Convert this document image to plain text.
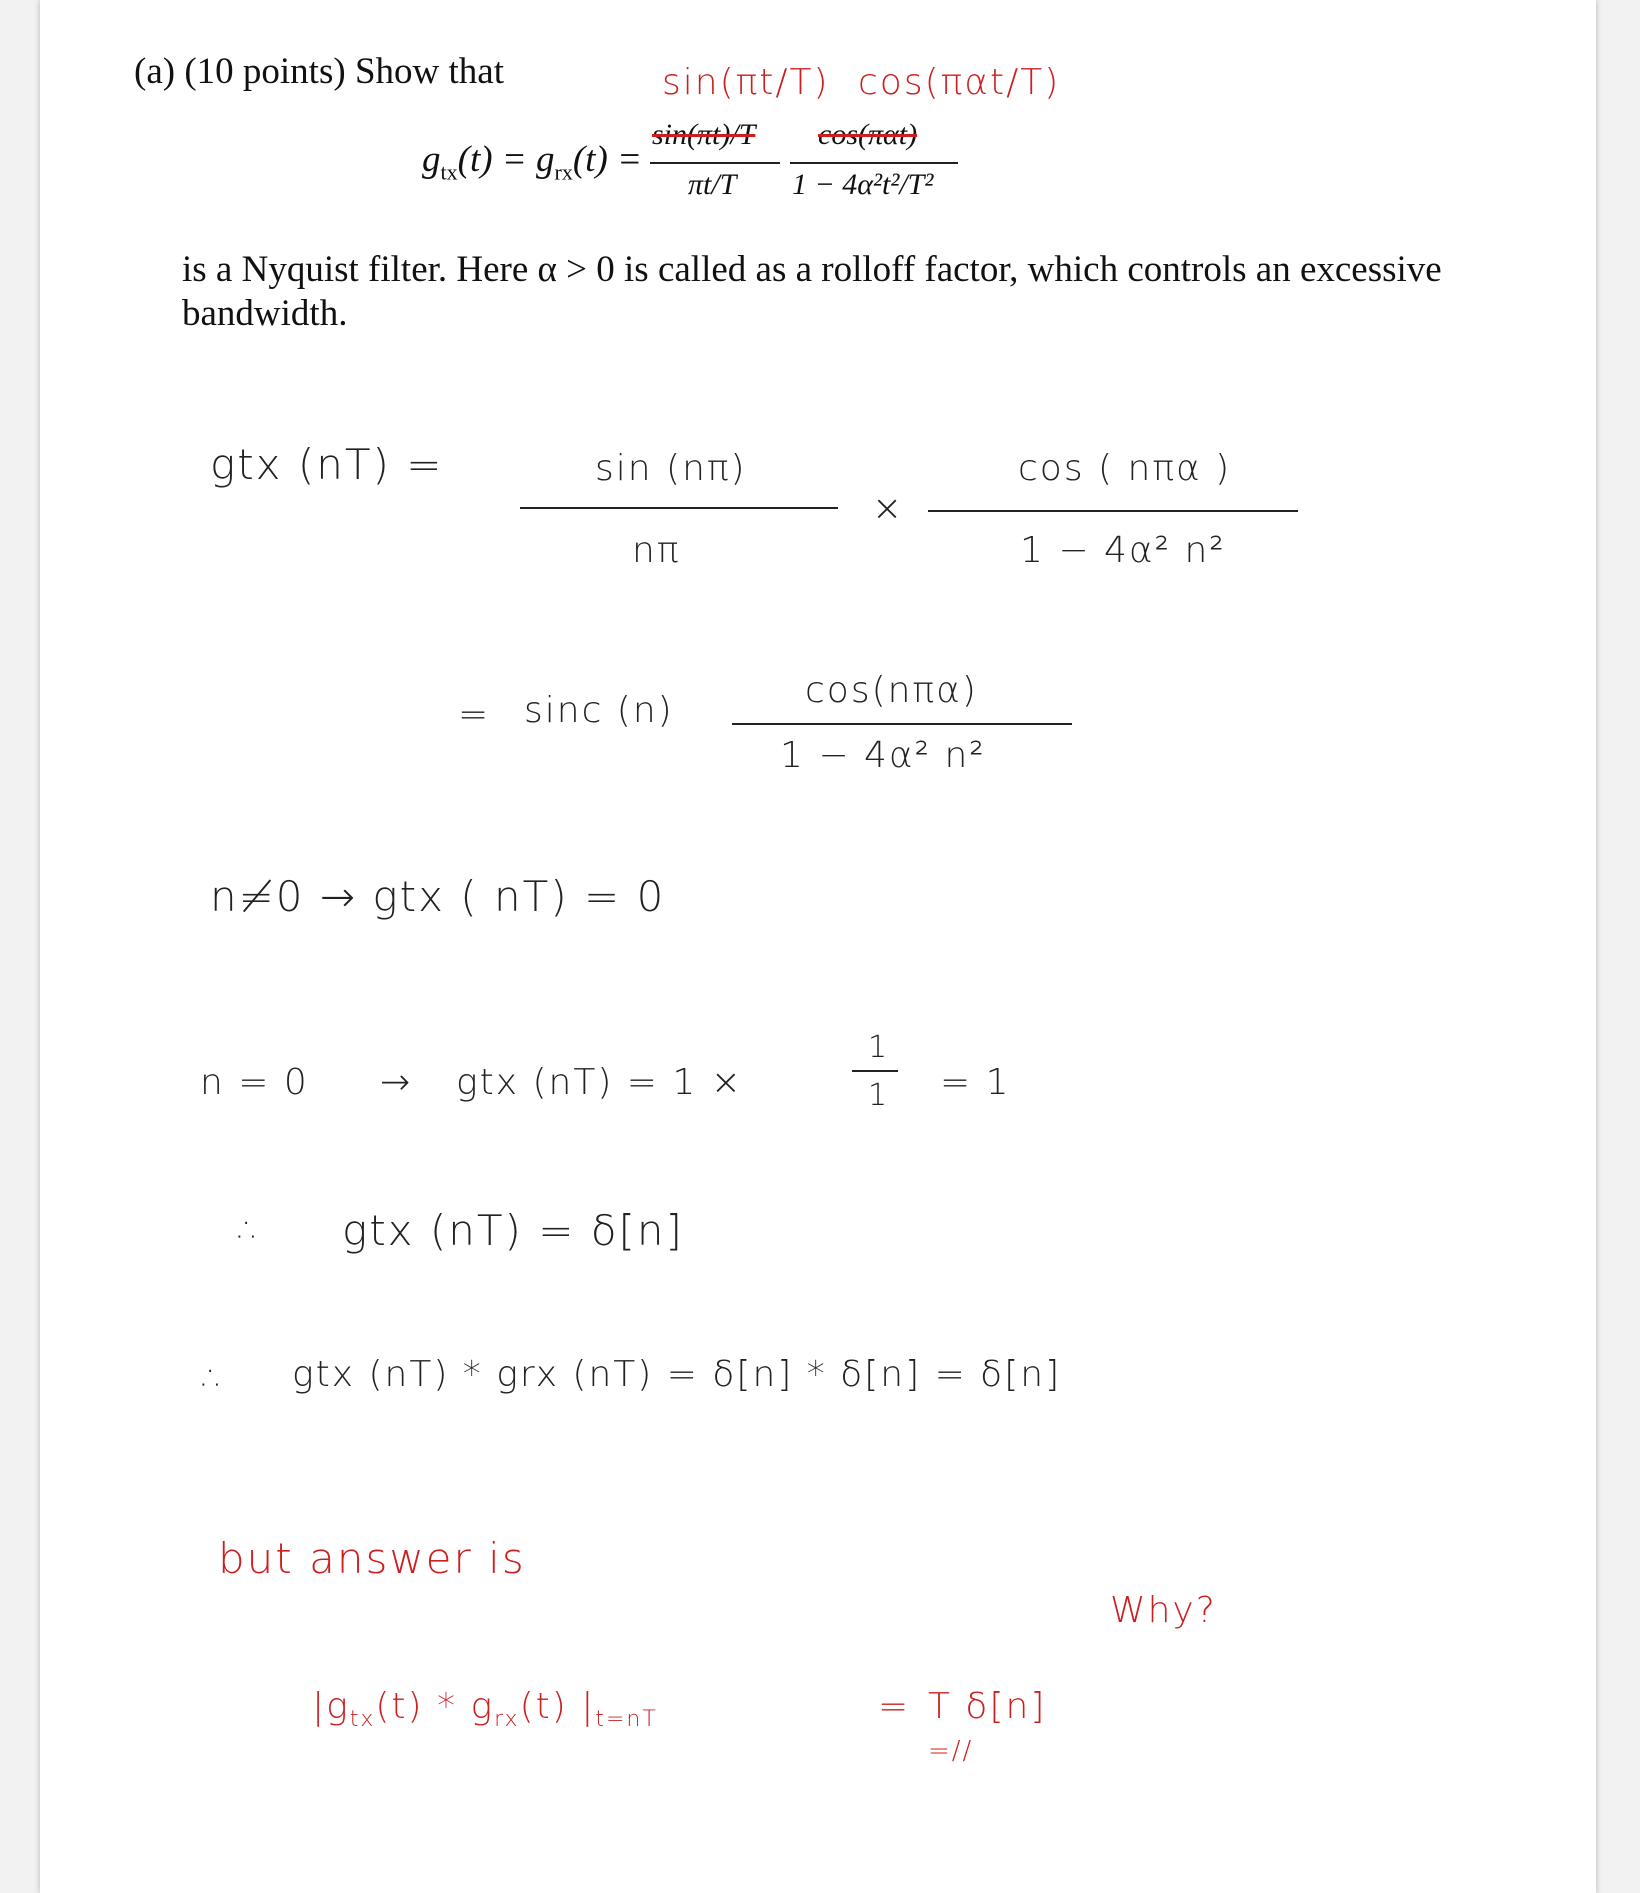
(a) (10 points) Show that	sin(πt/T) cos(παt/T)
$g_{tx}(t) = g_{rx}(t)$ =
sin(πt)/T
πt/T
cos(παt)
1 − 4α²t²/T²
is a Nyquist filter. Here α > 0 is called as a rolloff factor, which controls an excessive bandwidth.
gtx (nT) =	sin (nπ)
nπ
×
cos ( nπα )
1 − 4α² n²
= sinc (n)	cos(nπα)
1 − 4α² n²
n≠0 → gtx ( nT) = 0
n = 0 → gtx (nT) = 1 ×
1
1 = 1
∴ gtx (nT) = δ[n]
∴ gtx (nT) * grx (nT) = δ[n] * δ[n] = δ[n]
but answer is
Why?
$|g_{tx}(t) * g_{rx}(t)$ $|_{t=nT}$	= T δ[n]
=//
